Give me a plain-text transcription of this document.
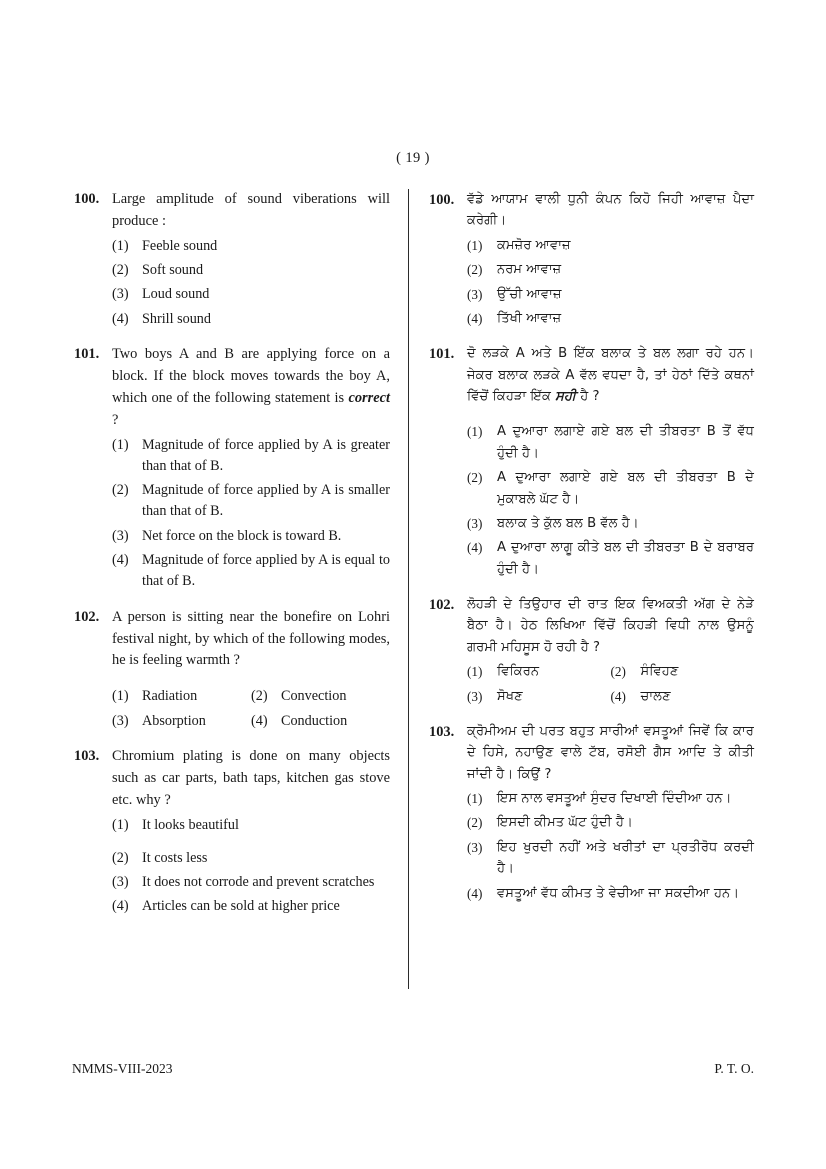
( 19 )
100. Large amplitude of sound viberations will produce :
(1) Feeble sound
(2) Soft sound
(3) Loud sound
(4) Shrill sound
101. Two boys A and B are applying force on a block. If the block moves towards the boy A, which one of the following statement is correct ?
(1) Magnitude of force applied by A is greater than that of B.
(2) Magnitude of force applied by A is smaller than that of B.
(3) Net force on the block is toward B.
(4) Magnitude of force applied by A is equal to that of B.
102. A person is sitting near the bonefire on Lohri festival night, by which of the following modes, he is feeling warmth ?
(1) Radiation	(2) Convection
(3) Absorption	(4) Conduction
103. Chromium plating is done on many objects such as car parts, bath taps, kitchen gas stove etc. why ?
(1) It looks beautiful
(2) It costs less
(3) It does not corrode and prevent scratches
(4) Articles can be sold at higher price
100. ਵੱਡੇ ਆਯਾਮ ਵਾਲੀ ਧੁਨੀ ਕੰਪਨ ਕਿਹੋ ਜਿਹੀ ਆਵਾਜ਼ ਪੈਦਾ ਕਰੇਗੀ।
(1)	ਕਮਜ਼ੋਰ ਆਵਾਜ਼
(2)	ਨਰਮ ਆਵਾਜ਼
(3)	ਉੱਚੀ ਆਵਾਜ਼
(4)	ਤਿੱਖੀ ਆਵਾਜ਼
101. ਦੋ ਲੜਕੇ A ਅਤੇ B ਇੱਕ ਬਲਾਕ ਤੇ ਬਲ ਲਗਾ ਰਹੇ ਹਨ। ਜੇਕਰ ਬਲਾਕ ਲੜਕੇ A ਵੱਲ ਵਧਦਾ ਹੈ, ਤਾਂ ਹੇਠਾਂ ਦਿੱਤੇ ਕਥਨਾਂ ਵਿੱਚੋਂ ਕਿਹੜਾ ਇੱਕ ਸਹੀ ਹੈ ?
(1)	A ਦੁਆਰਾ ਲਗਾਏ ਗਏ ਬਲ ਦੀ ਤੀਬਰਤਾ B ਤੋਂ ਵੱਧ ਹੁੰਦੀ ਹੈ।
(2)	A ਦੁਆਰਾ ਲਗਾਏ ਗਏ ਬਲ ਦੀ ਤੀਬਰਤਾ B ਦੇ ਮੁਕਾਬਲੇ ਘੱਟ ਹੈ।
(3)	ਬਲਾਕ ਤੇ ਕੁੱਲ ਬਲ B ਵੱਲ ਹੈ।
(4)	A ਦੁਆਰਾ ਲਾਗੂ ਕੀਤੇ ਬਲ ਦੀ ਤੀਬਰਤਾ B ਦੇ ਬਰਾਬਰ ਹੁੰਦੀ ਹੈ।
102. ਲੋਹੜੀ ਦੇ ਤਿਉਹਾਰ ਦੀ ਰਾਤ ਇਕ ਵਿਅਕਤੀ ਅੱਗ ਦੇ ਨੇੜੇ ਬੈਠਾ ਹੈ। ਹੇਠ ਲਿਖਿਆ ਵਿੱਚੋਂ ਕਿਹੜੀ ਵਿਧੀ ਨਾਲ ਉਸਨੂੰ ਗਰਮੀ ਮਹਿਸੂਸ ਹੋ ਰਹੀ ਹੈ ?
(1)	ਵਿਕਿਰਨ	(2)	ਸੰਵਿਹਣ
(3)	ਸੋਖਣ	(4)	ਚਾਲਣ
103. ਕ੍ਰੋਮੀਅਮ ਦੀ ਪਰਤ ਬਹੁਤ ਸਾਰੀਆਂ ਵਸਤੂਆਂ ਜਿਵੇਂ ਕਿ ਕਾਰ ਦੇ ਹਿਸੇ, ਨਹਾਉਣ ਵਾਲੇ ਟੱਬ, ਰਸੋਈ ਗੈਸ ਆਦਿ ਤੇ ਕੀਤੀ ਜਾਂਦੀ ਹੈ। ਕਿਉਂ ?
(1)	ਇਸ ਨਾਲ ਵਸਤੂਆਂ ਸੁੰਦਰ ਦਿਖਾਈ ਦਿੰਦੀਆ ਹਨ।
(2)	ਇਸਦੀ ਕੀਮਤ ਘੱਟ ਹੁੰਦੀ ਹੈ।
(3)	ਇਹ ਖੁਰਦੀ ਨਹੀਂ ਅਤੇ ਖਰੀਤਾਂ ਦਾ ਪ੍ਰਤੀਰੋਧ ਕਰਦੀ ਹੈ।
(4)	ਵਸਤੂਆਂ ਵੱਧ ਕੀਮਤ ਤੇ ਵੇਚੀਆ ਜਾ ਸਕਦੀਆ ਹਨ।
NMMS-VIII-2023	P. T. O.
